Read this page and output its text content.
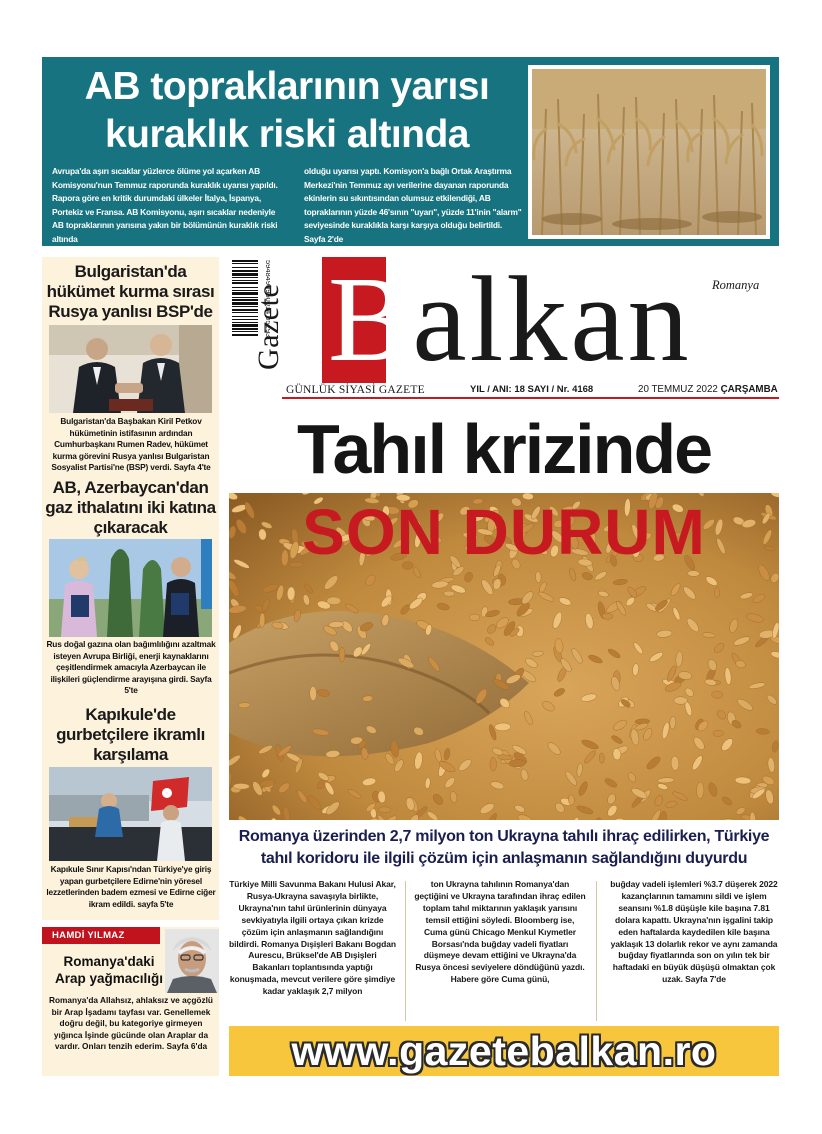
AB topraklarının yarısı
kuraklık riski altında
Avrupa'da aşırı sıcaklar yüzlerce ölüme yol açarken AB Komisyonu'nun Temmuz raporunda kuraklık uyarısı yapıldı. Rapora göre en kritik durumdaki ülkeler İtalya, İspanya, Portekiz ve Fransa. AB Komisyonu, aşırı sıcaklar nedeniyle AB topraklarının yarısına yakın bir bölümünün kuraklık riski altında
olduğu uyarısı yaptı. Komisyon'a bağlı Ortak Araştırma Merkezi'nin Temmuz ayı verilerine dayanan raporunda ekinlerin su sıkıntısından olumsuz etkilendiği, AB topraklarının yüzde 46'sının "uyarı", yüzde 11'inin "alarm" seviyesinde kuraklıkla karşı karşıya olduğu belirtildi. Sayfa 2'de
Bulgaristan'da hükümet kurma sırası Rusya yanlısı BSP'de
Bulgaristan'da Başbakan Kiril Petkov hükümetinin istifasının ardından Cumhurbaşkanı Rumen Radev, hükümet kurma görevini Rusya yanlısı Bulgaristan Sosyalist Partisi'ne (BSP) verdi. Sayfa 4'te
AB, Azerbaycan'dan gaz ithalatını iki katına çıkaracak
Rus doğal gazına olan bağımlılığını azaltmak isteyen Avrupa Birliği, enerji kaynaklarını çeşitlendirmek amacıyla Azerbaycan ile ilişkileri güçlendirme arayışına girdi. Sayfa 5'te
Kapıkule'de gurbetçilere ikramlı karşılama
Kapıkule Sınır Kapısı'ndan Türkiye'ye giriş yapan gurbetçilere Edirne'nin yöresel lezzetlerinden badem ezmesi ve Edirne ciğer ikram edildi. sayfa 5'te
HAMDİ YILMAZ
Romanya'daki Arap yağmacılığı
Romanya'da Allahsız, ahlaksız ve açgözlü bir Arap İşadamı tayfası var. Genellemek doğru değil, bu kategoriye girmeyen yığınca İşinde gücünde olan Araplar da vardır. Onları tenzih ederim. Sayfa 6'da
5948490950014 05293
Gazete Balkan Romanya
GÜNLÜK SİYASİ GAZETE	YIL / ANI: 18 SAYI / Nr. 4168	20 TEMMUZ 2022 ÇARŞAMBA
Tahıl krizinde
SON DURUM
Romanya üzerinden 2,7 milyon ton Ukrayna tahılı ihraç edilirken, Türkiye tahıl koridoru ile ilgili çözüm için anlaşmanın sağlandığını duyurdu
Türkiye Milli Savunma Bakanı Hulusi Akar, Rusya-Ukrayna savaşıyla birlikte, Ukrayna'nın tahıl ürünlerinin dünyaya sevkiyatıyla ilgili ortaya çıkan krizde çözüm için anlaşmanın sağlandığını bildirdi. Romanya Dışişleri Bakanı Bogdan Aurescu, Brüksel'de AB Dışişleri Bakanları toplantısında yaptığı konuşmada, mevcut verilere göre şimdiye kadar yaklaşık 2,7 milyon
ton Ukrayna tahılının Romanya'dan geçtiğini ve Ukrayna tarafından ihraç edilen toplam tahıl miktarının yaklaşık yarısını temsil ettiğini söyledi. Bloomberg ise, Cuma günü Chicago Menkul Kıymetler Borsası'nda buğday vadeli fiyatları düşmeye devam ettiğini ve Ukrayna'da Rusya öncesi seviyelere döndüğünü yazdı. Habere göre Cuma günü,
buğday vadeli işlemleri %3.7 düşerek 2022 kazançlarının tamamını sildi ve işlem seansını %1.8 düşüşle kile başına 7.81 dolara kapattı. Ukrayna'nın işgalini takip eden haftalarda kaydedilen kile başına yaklaşık 13 dolarlık rekor ve aynı zamanda buğday fiyatlarında son on yılın tek bir haftadaki en büyük düşüşü olmaktan çok uzak. Sayfa 7'de
www.gazetebalkan.ro
